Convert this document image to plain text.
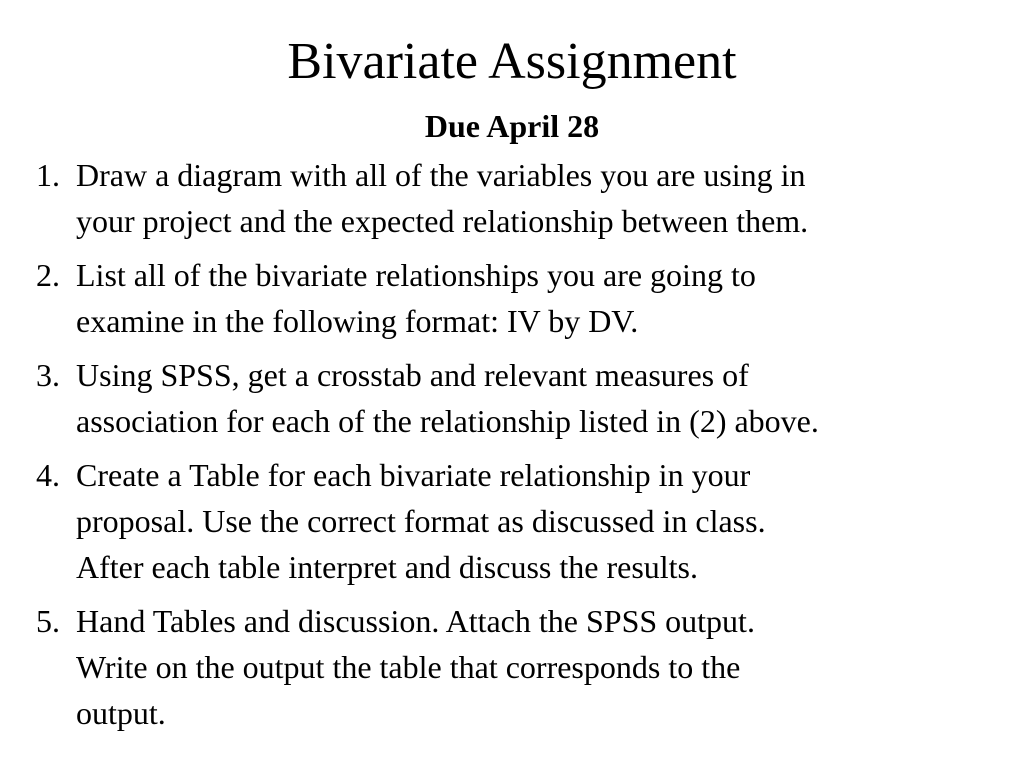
Bivariate Assignment
Due April 28
1. Draw a diagram with all of the variables you are using in
your project and the expected relationship between them.
2. List all of the bivariate relationships you are going to
examine in the following format: IV by DV.
3. Using SPSS, get a crosstab and relevant measures of
association for each of the relationship listed in (2) above.
4. Create a Table for each bivariate relationship in your
proposal. Use the correct format as discussed in class.
After each table interpret and discuss the results.
5. Hand Tables and discussion. Attach the SPSS output.
Write on the output the table that corresponds to the
output.
